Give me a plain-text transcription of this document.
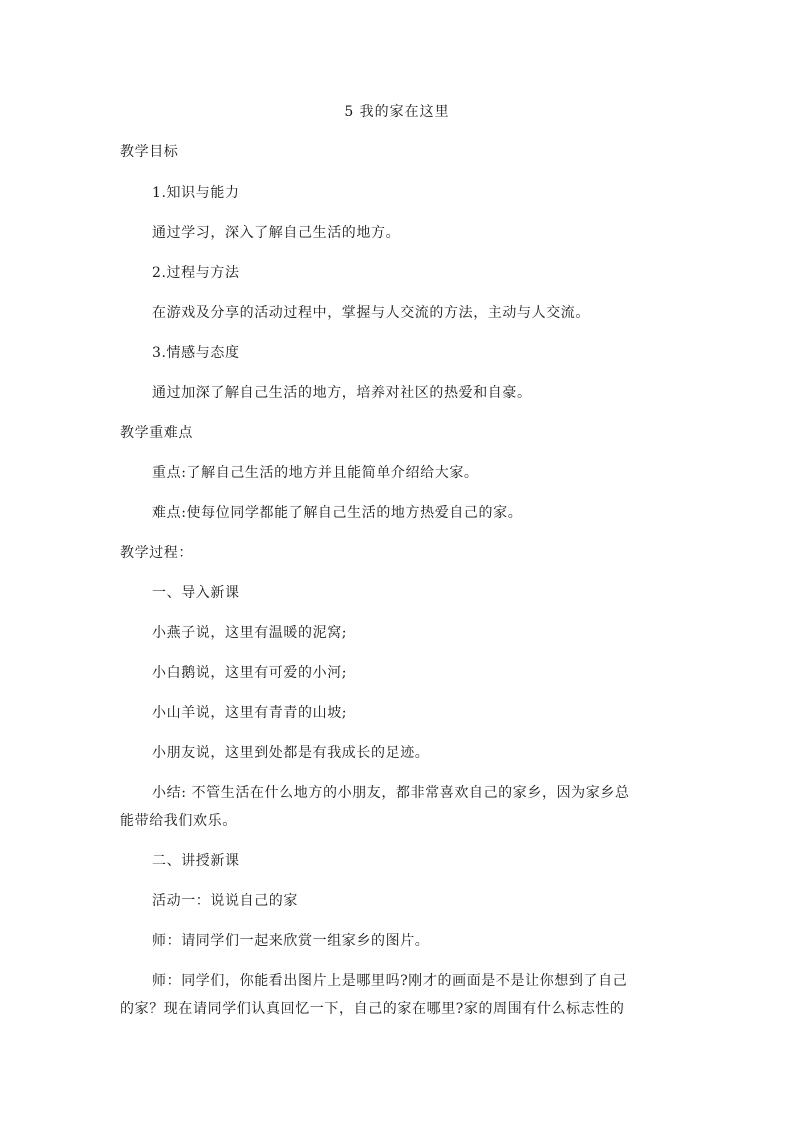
5 我的家在这里
教学目标
1.知识与能力
通过学习，深入了解自己生活的地方。
2.过程与方法
在游戏及分享的活动过程中，掌握与人交流的方法，主动与人交流。
3.情感与态度
通过加深了解自己生活的地方，培养对社区的热爱和自豪。
教学重难点
重点:了解自己生活的地方并且能简单介绍给大家。
难点:使每位同学都能了解自己生活的地方热爱自己的家。
教学过程：
一、导入新课
小燕子说，这里有温暖的泥窝;
小白鹅说，这里有可爱的小河;
小山羊说，这里有青青的山坡;
小朋友说，这里到处都是有我成长的足迹。
小结: 不管生活在什么地方的小朋友，都非常喜欢自己的家乡，因为家乡总
能带给我们欢乐。
二、讲授新课
活动一：说说自己的家
师：请同学们一起来欣赏一组家乡的图片。
师：同学们，你能看出图片上是哪里吗?刚才的画面是不是让你想到了自己
的家？现在请同学们认真回忆一下，自己的家在哪里?家的周围有什么标志性的
